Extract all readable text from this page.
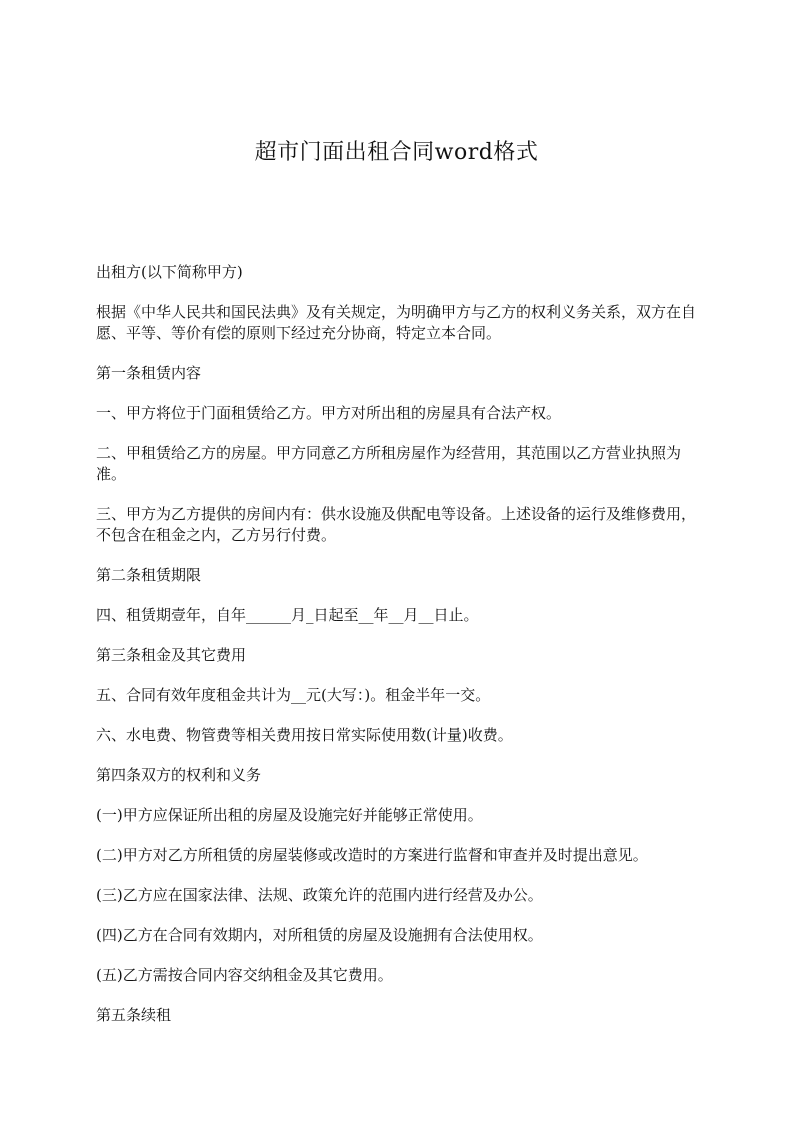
超市门面出租合同word格式

出租方(以下简称甲方)

根据《中华人民共和国民法典》及有关规定，为明确甲方与乙方的权利义务关系，双方在自愿、平等、等价有偿的原则下经过充分协商，特定立本合同。

第一条租赁内容

一、甲方将位于门面租赁给乙方。甲方对所出租的房屋具有合法产权。

二、甲租赁给乙方的房屋。甲方同意乙方所租房屋作为经营用，其范围以乙方营业执照为准。

三、甲方为乙方提供的房间内有：供水设施及供配电等设备。上述设备的运行及维修费用，不包含在租金之内，乙方另行付费。

第二条租赁期限

四、租赁期壹年，自年______月_日起至__年__月__日止。

第三条租金及其它费用

五、合同有效年度租金共计为__元(大写：)。租金半年一交。

六、水电费、物管费等相关费用按日常实际使用数(计量)收费。

第四条双方的权利和义务

(一)甲方应保证所出租的房屋及设施完好并能够正常使用。

(二)甲方对乙方所租赁的房屋装修或改造时的方案进行监督和审查并及时提出意见。

(三)乙方应在国家法律、法规、政策允许的范围内进行经营及办公。

(四)乙方在合同有效期内，对所租赁的房屋及设施拥有合法使用权。

(五)乙方需按合同内容交纳租金及其它费用。

第五条续租
